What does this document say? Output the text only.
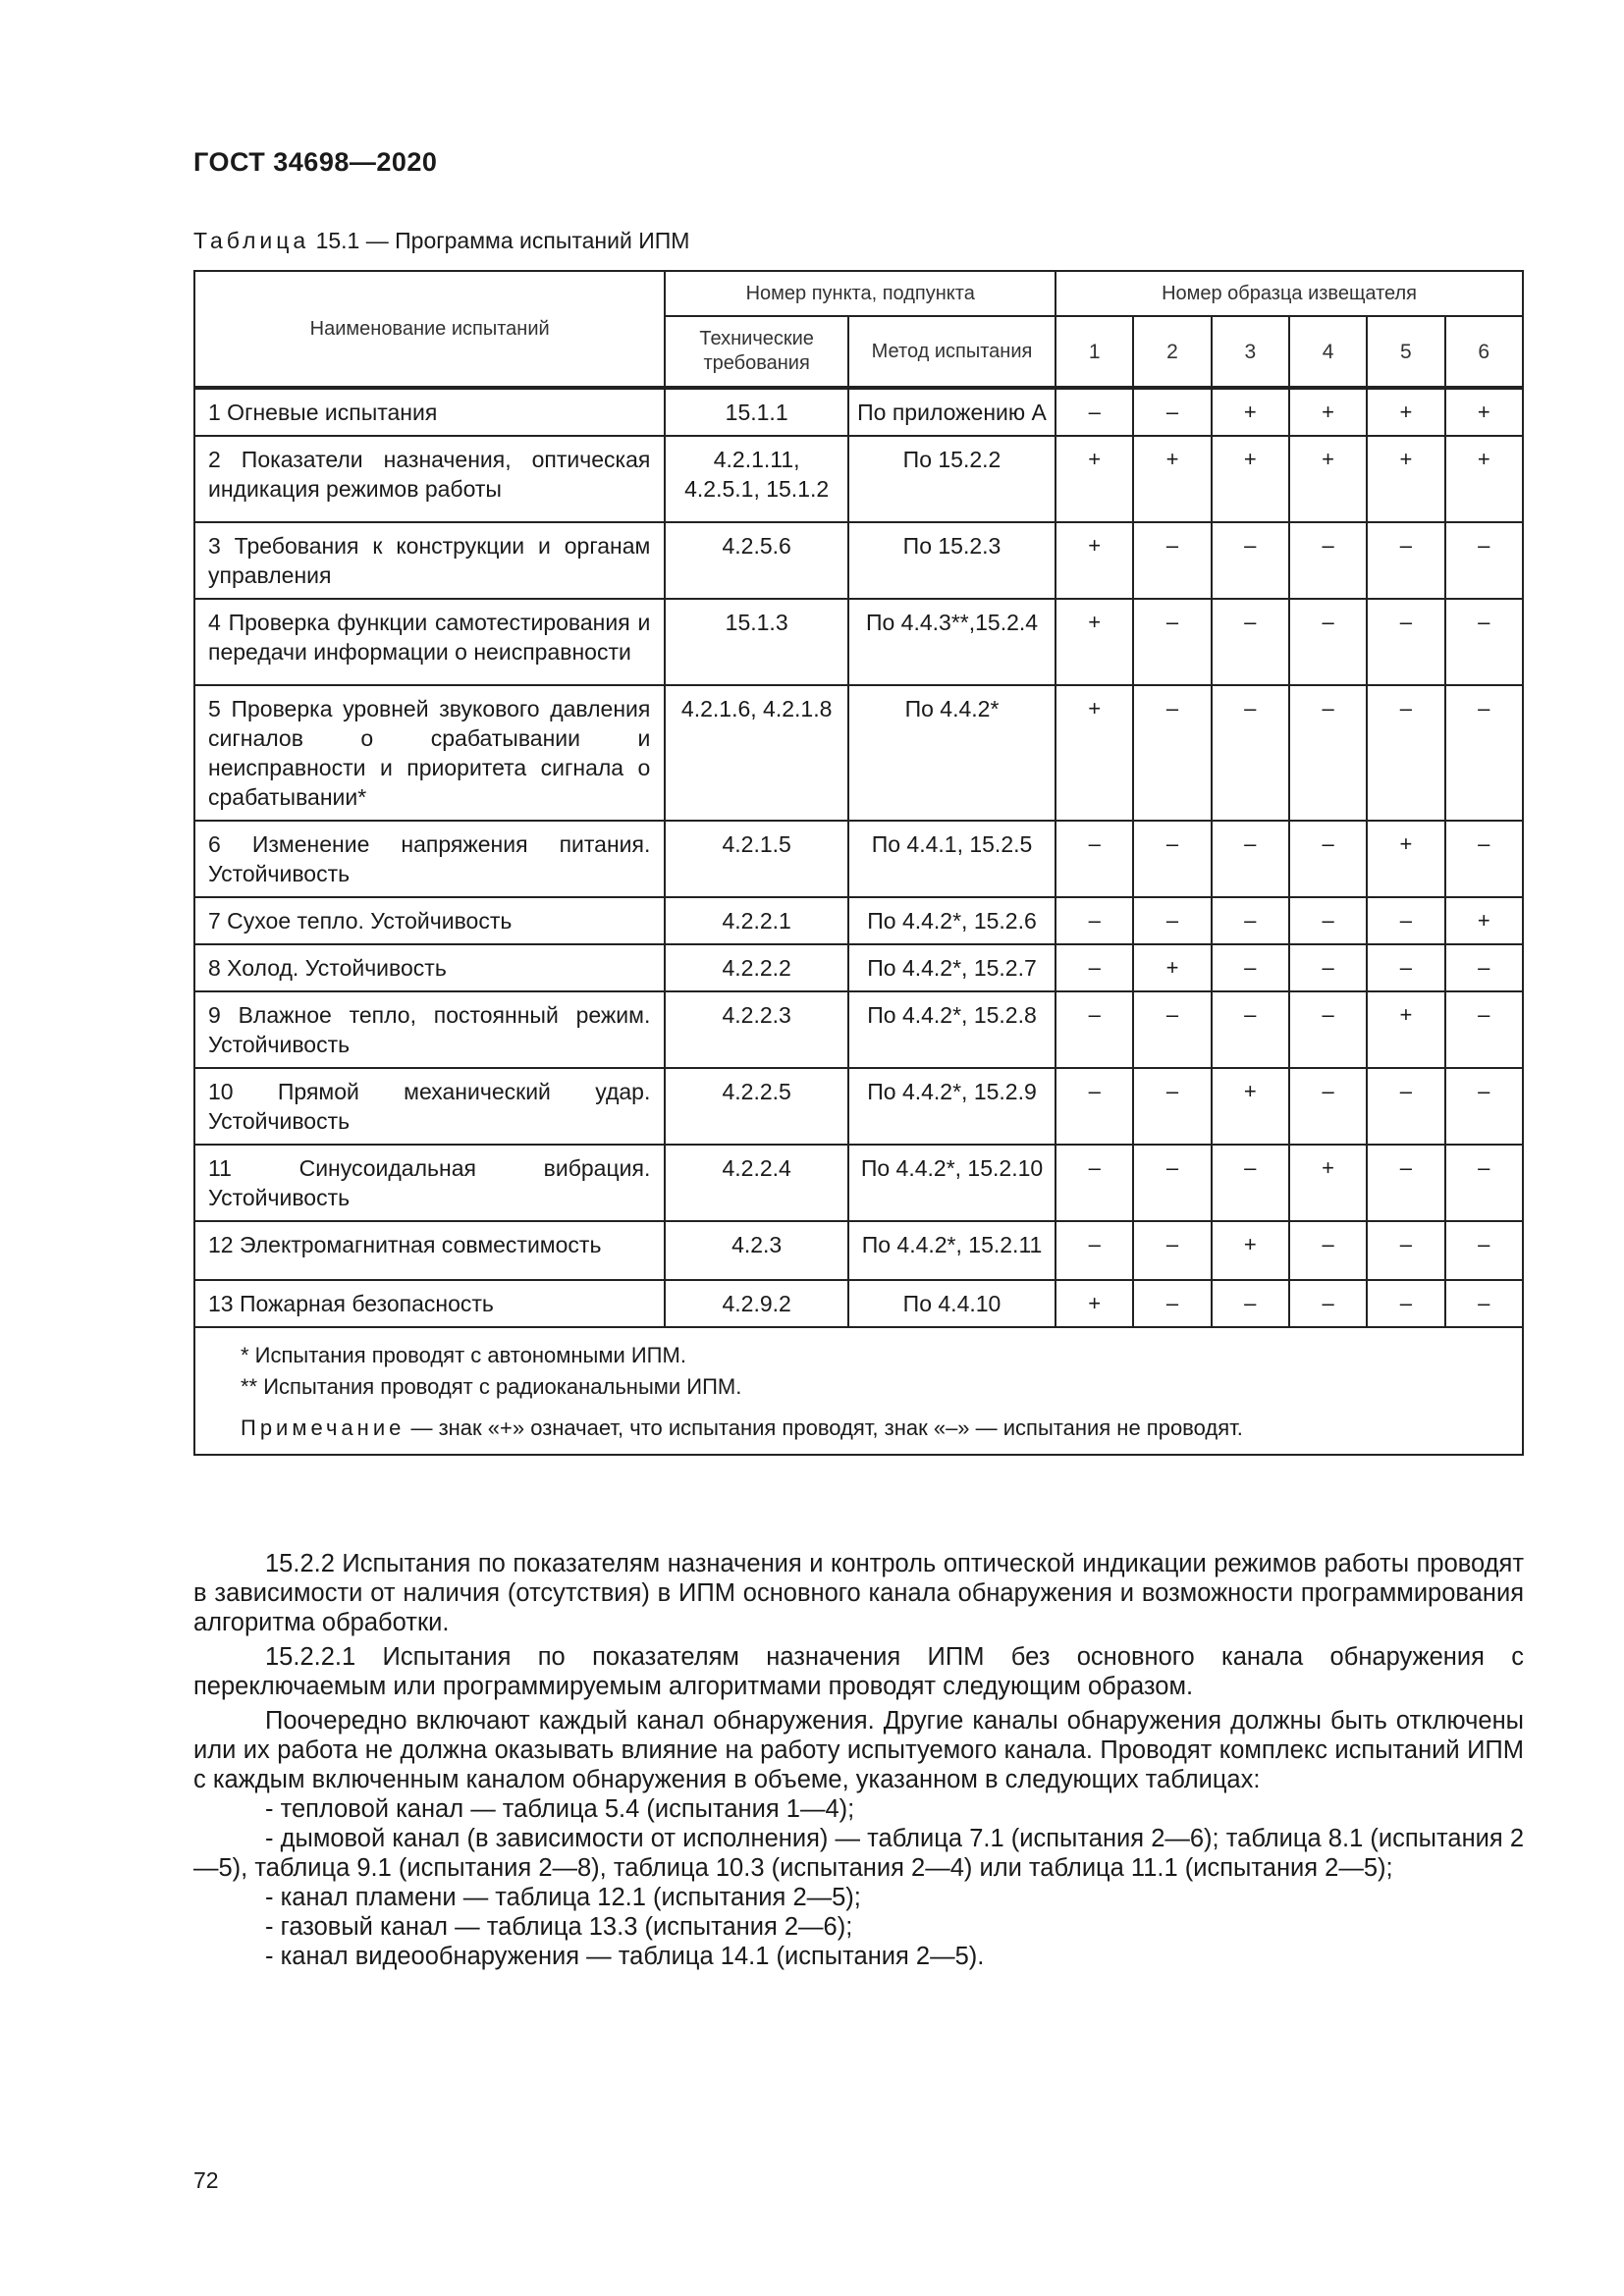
ГОСТ 34698—2020
Таблица 15.1 — Программа испытаний ИПМ
Наименование испытаний	Номер пункта, подпункта		Номер образца извещателя					
	Технические требования	Метод испытания	1	2	3	4	5	6
1 Огневые испытания	15.1.1	По приложению А	–	–	+	+	+	+
2 Показатели назначения, оптическая индикация режимов работы	4.2.1.11, 4.2.5.1, 15.1.2	По 15.2.2	+	+	+	+	+	+
3 Требования к конструкции и органам управления	4.2.5.6	По 15.2.3	+	–	–	–	–	–
4 Проверка функции самотестирования и передачи информации о неисправности	15.1.3	По 4.4.3**,15.2.4	+	–	–	–	–	–
5 Проверка уровней звукового давления сигналов о срабатывании и неисправности и приоритета сигнала о срабатывании*	4.2.1.6, 4.2.1.8	По 4.4.2*	+	–	–	–	–	–
6 Изменение напряжения питания. Устойчивость	4.2.1.5	По 4.4.1, 15.2.5	–	–	–	–	+	–
7 Сухое тепло. Устойчивость	4.2.2.1	По 4.4.2*, 15.2.6	–	–	–	–	–	+
8 Холод. Устойчивость	4.2.2.2	По 4.4.2*, 15.2.7	–	+	–	–	–	–
9 Влажное тепло, постоянный режим. Устойчивость	4.2.2.3	По 4.4.2*, 15.2.8	–	–	–	–	+	–
10 Прямой механический удар. Устойчивость	4.2.2.5	По 4.4.2*, 15.2.9	–	–	+	–	–	–
11 Синусоидальная вибрация. Устойчивость	4.2.2.4	По 4.4.2*, 15.2.10	–	–	–	+	–	–
12 Электромагнитная совместимость	4.2.3	По 4.4.2*, 15.2.11	–	–	+	–	–	–
13 Пожарная безопасность	4.2.9.2	По 4.4.10	+	–	–	–	–	–

* Испытания проводят с автономными ИПМ.
** Испытания проводят с радиоканальными ИПМ.
Примечание — знак «+» означает, что испытания проводят, знак «–» — испытания не проводят.								

15.2.2 Испытания по показателям назначения и контроль оптической индикации режимов работы проводят в зависимости от наличия (отсутствия) в ИПМ основного канала обнаружения и возможности программирования алгоритма обработки.

15.2.2.1 Испытания по показателям назначения ИПМ без основного канала обнаружения с переключаемым или программируемым алгоритмами проводят следующим образом.

Поочередно включают каждый канал обнаружения. Другие каналы обнаружения должны быть отключены или их работа не должна оказывать влияние на работу испытуемого канала. Проводят комплекс испытаний ИПМ с каждым включенным каналом обнаружения в объеме, указанном в следующих таблицах:

- тепловой канал — таблица 5.4 (испытания 1—4);

- дымовой канал (в зависимости от исполнения) — таблица 7.1 (испытания 2—6); таблица 8.1 (испытания 2—5), таблица 9.1 (испытания 2—8), таблица 10.3 (испытания 2—4) или таблица 11.1 (испытания 2—5);

- канал пламени — таблица 12.1 (испытания 2—5);

- газовый канал — таблица 13.3 (испытания 2—6);

- канал видеообнаружения — таблица 14.1 (испытания 2—5).

72
